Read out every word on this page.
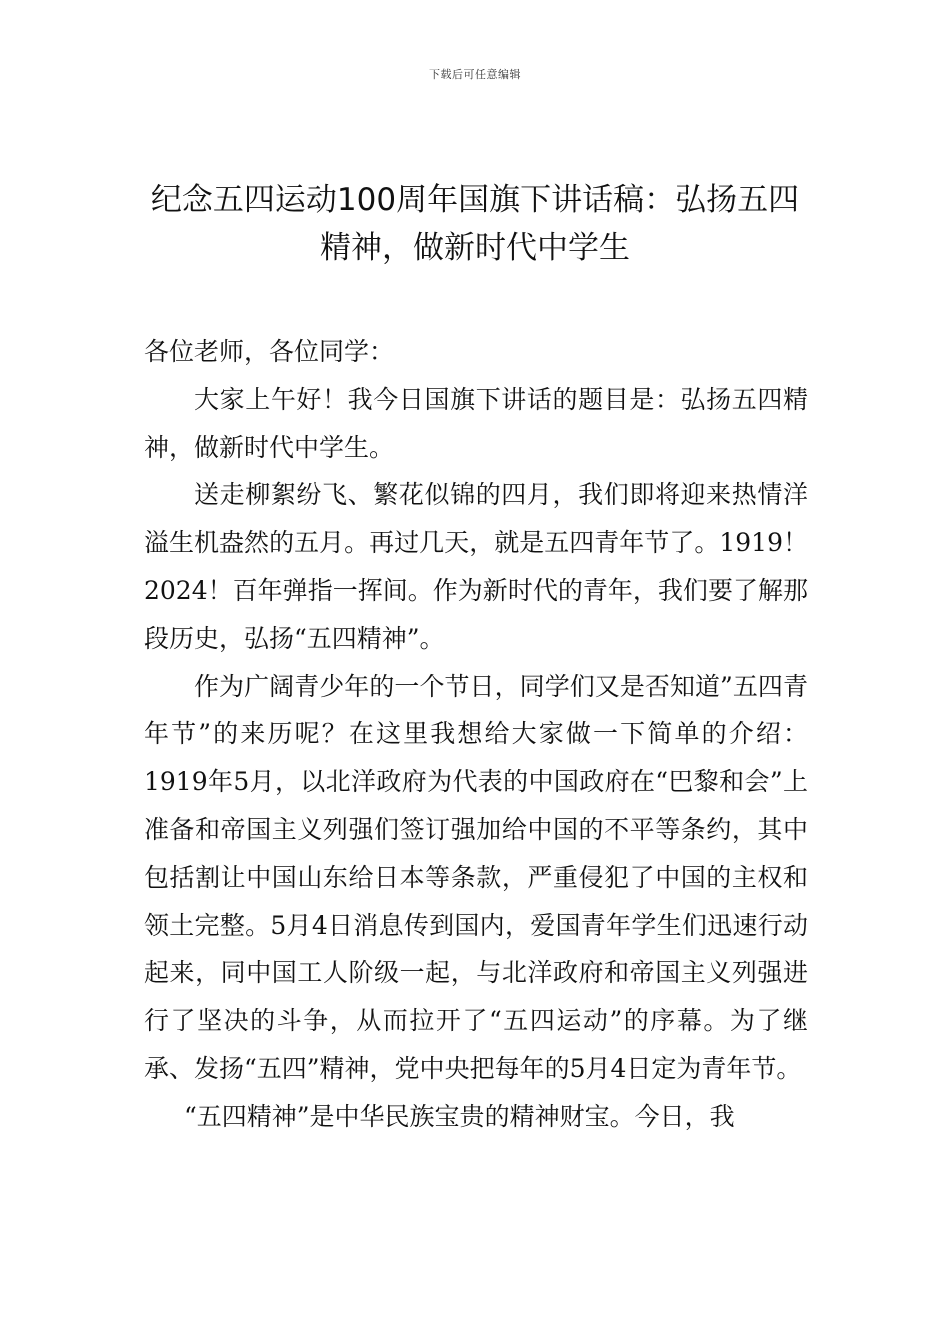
下载后可任意编辑
纪念五四运动100周年国旗下讲话稿：弘扬五四精神，做新时代中学生

各位老师，各位同学：

大家上午好！我今日国旗下讲话的题目是：弘扬五四精神，做新时代中学生。

送走柳絮纷飞、繁花似锦的四月，我们即将迎来热情洋溢生机盎然的五月。再过几天，就是五四青年节了。1919！2024！百年弹指一挥间。作为新时代的青年，我们要了解那段历史，弘扬“五四精神”。

作为广阔青少年的一个节日，同学们又是否知道”五四青年节”的来历呢？在这里我想给大家做一下简单的介绍：1919年5月，以北洋政府为代表的中国政府在“巴黎和会”上准备和帝国主义列强们签订强加给中国的不平等条约，其中包括割让中国山东给日本等条款，严重侵犯了中国的主权和领土完整。5月4日消息传到国内，爱国青年学生们迅速行动起来，同中国工人阶级一起，与北洋政府和帝国主义列强进行了坚决的斗争，从而拉开了“五四运动”的序幕。为了继承、发扬“五四”精神，党中央把每年的5月4日定为青年节。

“五四精神”是中华民族宝贵的精神财宝。今日，我
